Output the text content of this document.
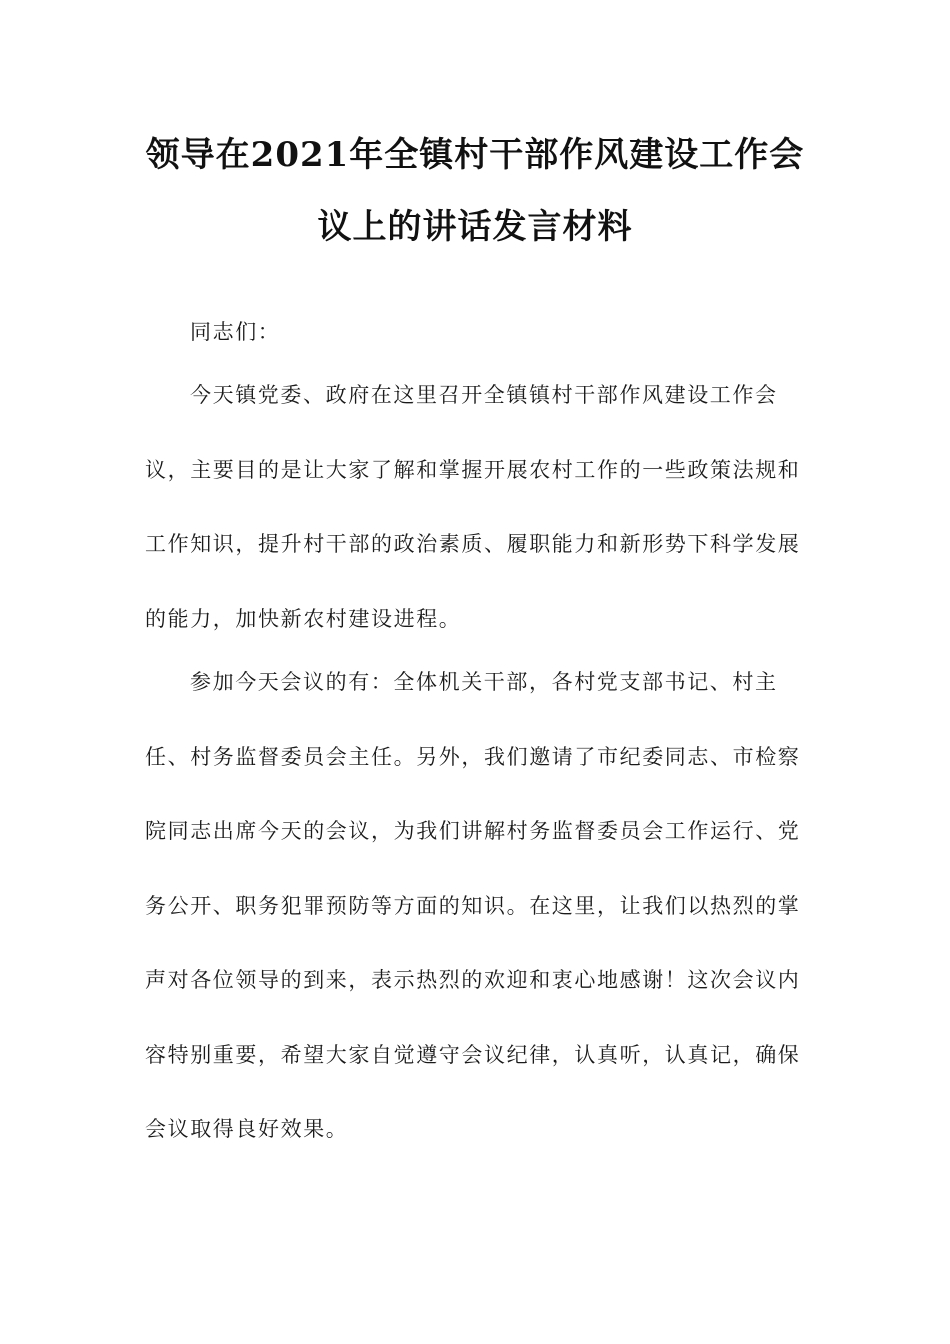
领导在2021年全镇村干部作风建设工作会
议上的讲话发言材料
同志们：
今天镇党委、政府在这里召开全镇镇村干部作风建设工作会
议，主要目的是让大家了解和掌握开展农村工作的一些政策法规和
工作知识，提升村干部的政治素质、履职能力和新形势下科学发展
的能力，加快新农村建设进程。
参加今天会议的有：全体机关干部，各村党支部书记、村主
任、村务监督委员会主任。另外，我们邀请了市纪委同志、市检察
院同志出席今天的会议，为我们讲解村务监督委员会工作运行、党
务公开、职务犯罪预防等方面的知识。在这里，让我们以热烈的掌
声对各位领导的到来，表示热烈的欢迎和衷心地感谢！这次会议内
容特别重要，希望大家自觉遵守会议纪律，认真听，认真记，确保
会议取得良好效果。
